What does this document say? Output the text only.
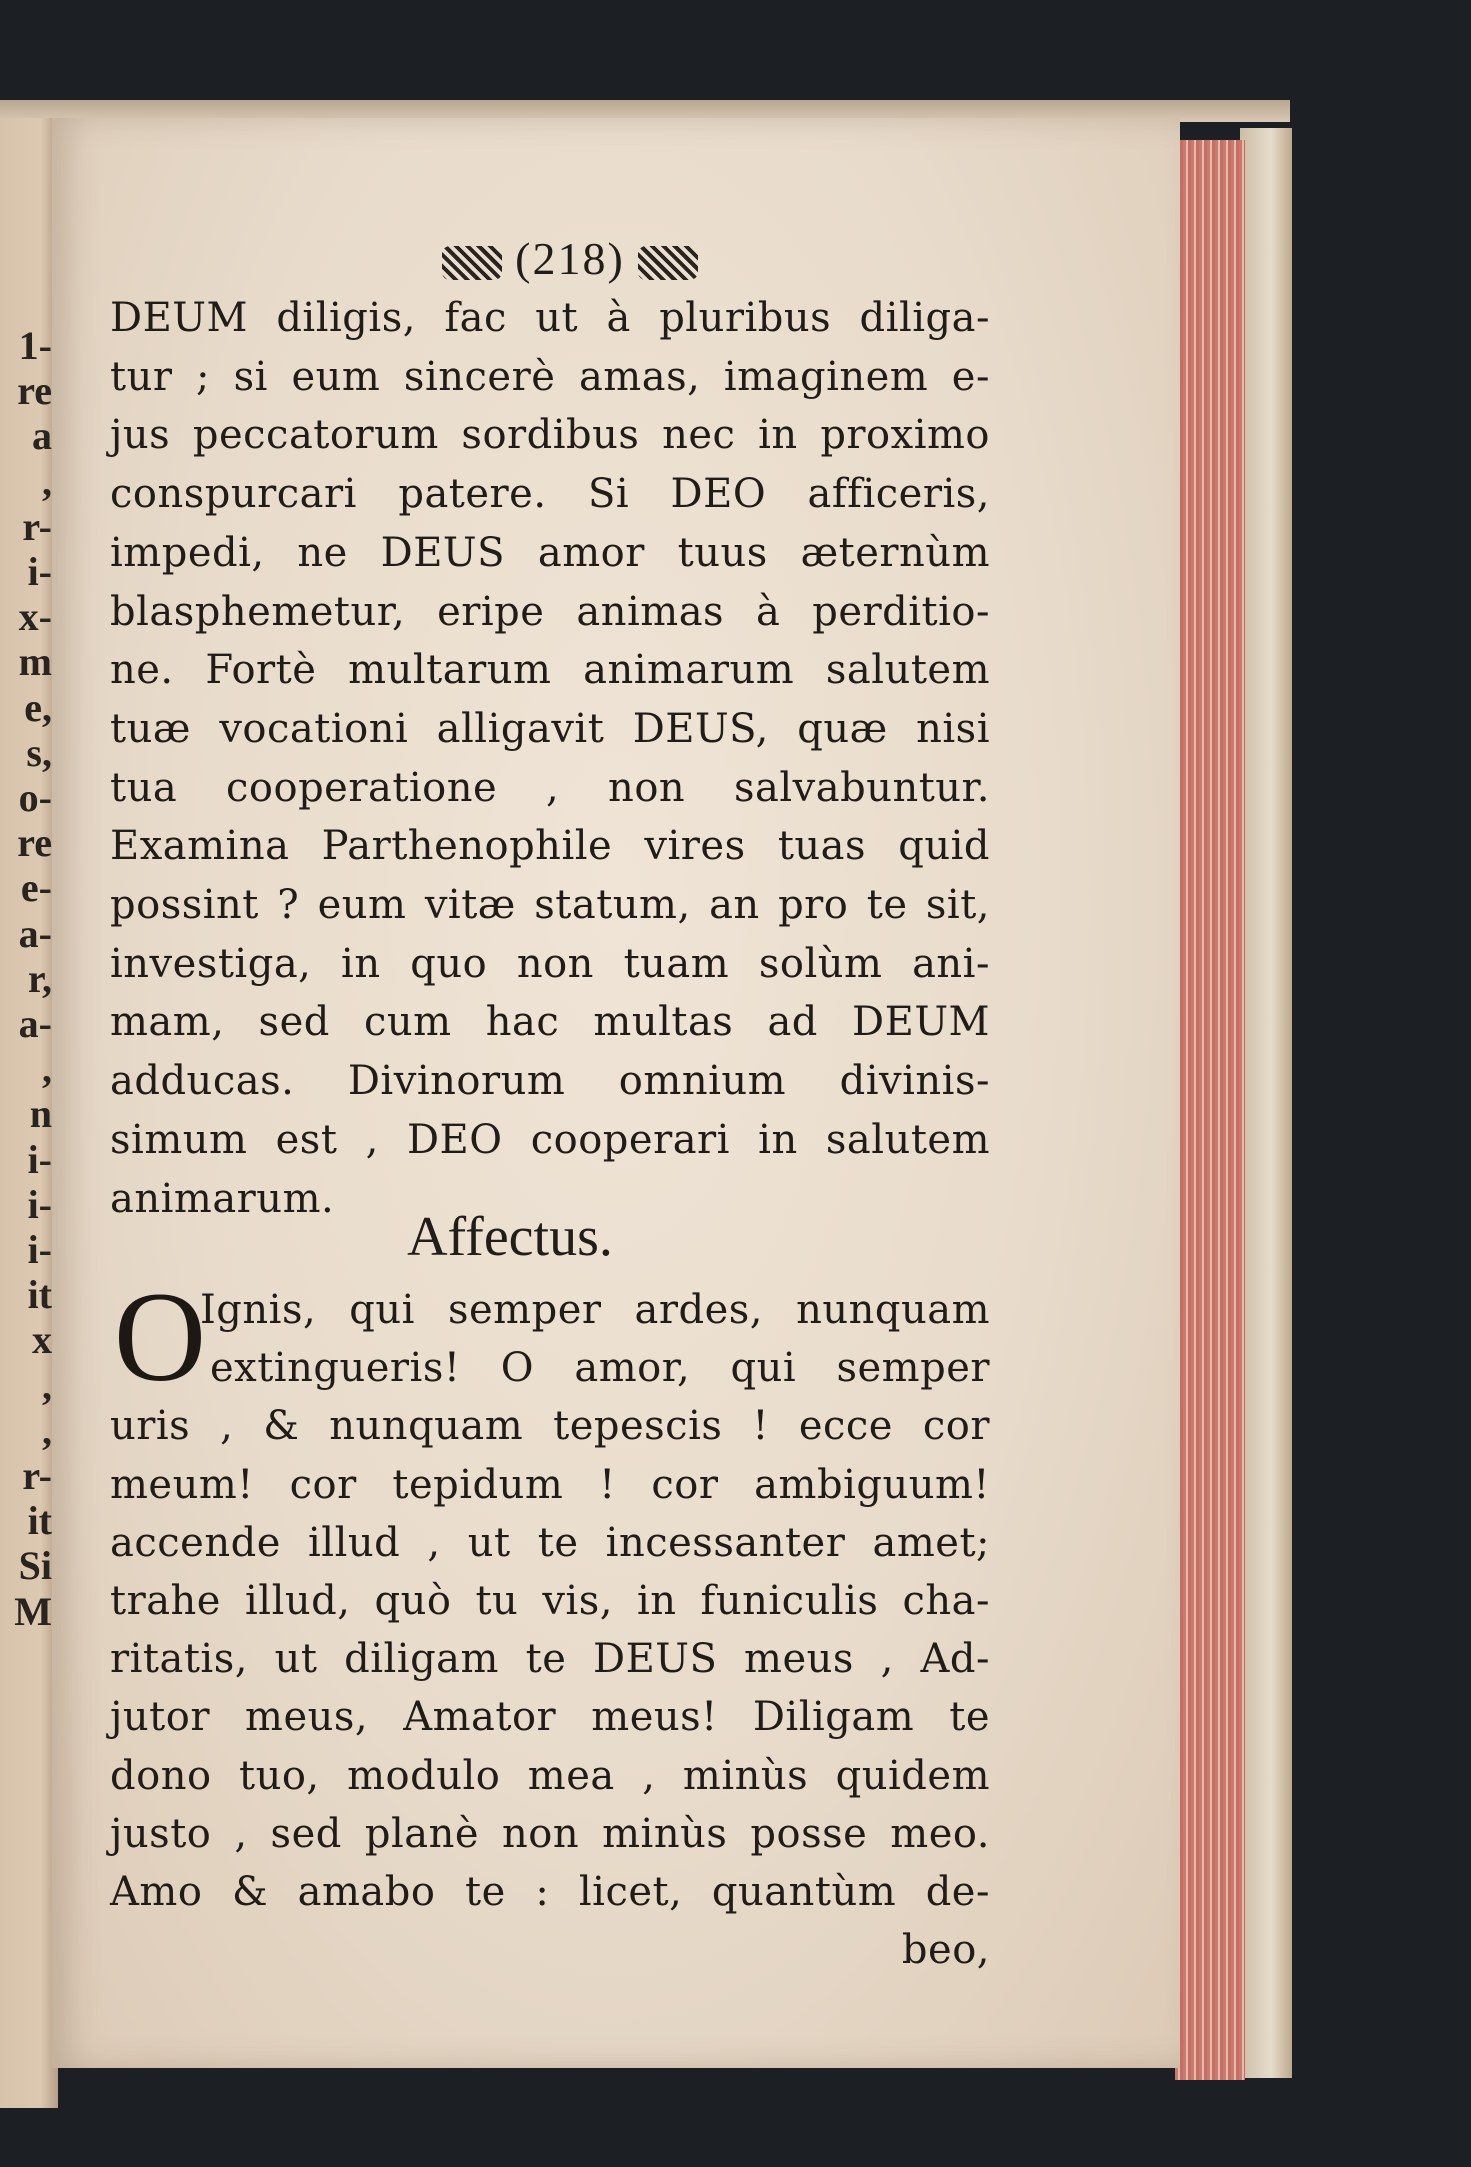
1-
re
a
,
r-
i-
x-
m
e,
s,
o-
re
e-
a-
r,
a-
,
n
i-
i-
i-
it
x
,
,
r-
it
Si
M
(218)
DEUM diligis, fac ut à pluribus diliga-
tur ; si eum sincerè amas, imaginem e-
jus peccatorum sordibus nec in proximo
conspurcari patere. Si DEO afficeris,
impedi, ne DEUS amor tuus æternùm
blasphemetur, eripe animas à perditio-
ne. Fortè multarum animarum salutem
tuæ vocationi alligavit DEUS, quæ nisi
tua cooperatione , non salvabuntur.
Examina Parthenophile vires tuas quid
possint ? eum vitæ statum, an pro te sit,
investiga, in quo non tuam solùm ani-
mam, sed cum hac multas ad DEUM
adducas. Divinorum omnium divinis-
simum est , DEO cooperari in salutem
animarum.
Affectus.
O
Ignis, qui semper ardes, nunquam
extingueris! O amor, qui semper
uris , & nunquam tepescis ! ecce cor
meum! cor tepidum ! cor ambiguum!
accende illud , ut te incessanter amet;
trahe illud, quò tu vis, in funiculis cha-
ritatis, ut diligam te DEUS meus , Ad-
jutor meus, Amator meus! Diligam te
dono tuo, modulo mea , minùs quidem
justo , sed planè non minùs posse meo.
Amo & amabo te : licet, quantùm de-
beo,
